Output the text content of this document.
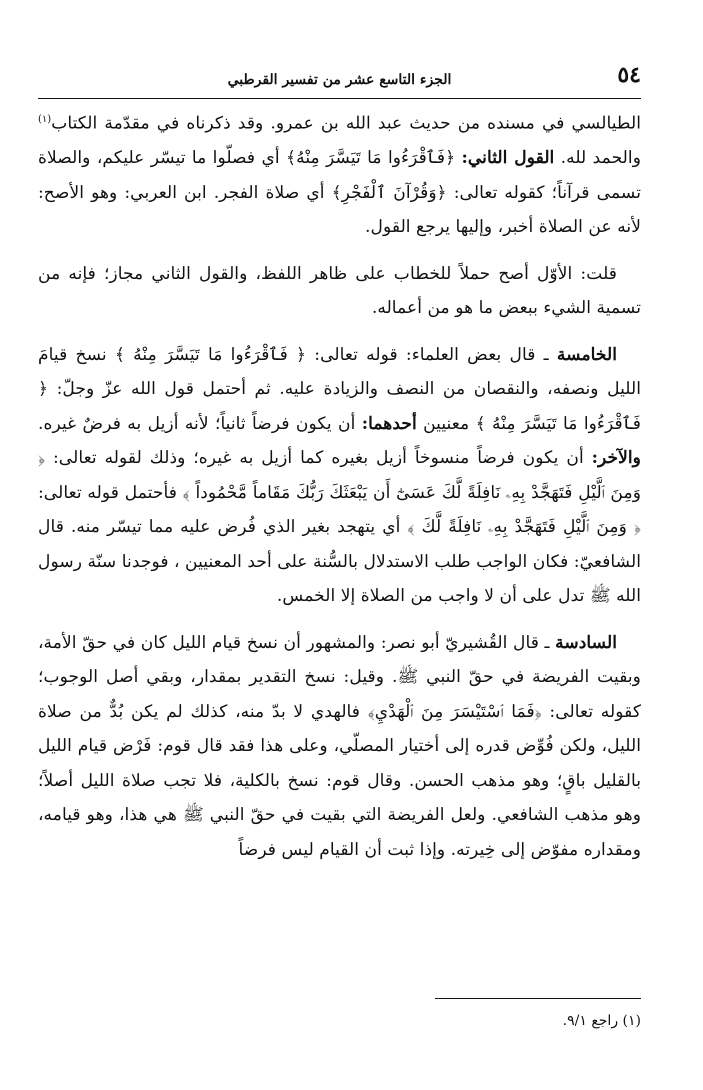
٥٤
الجزء التاسع عشر من تفسير القرطبي

الطيالسي في مسنده من حديث عبد الله بن عمرو. وقد ذكرناه في مقدّمة الكتاب$^{(١)}$ والحمد لله. القول الثاني: ﴿فَٱقْرَءُوا مَا تَيَسَّرَ مِنْهُ﴾ أي فصلّوا ما تيسّر عليكم، والصلاة تسمى قرآناً؛ كقوله تعالى: ﴿وَقُرْآنَ ٱلْفَجْرِ﴾ أي صلاة الفجر. ابن العربي: وهو الأصح: لأنه عن الصلاة أخبر، وإليها يرجع القول.

قلت: الأوّل أصح حملاً للخطاب على ظاهر اللفظ، والقول الثاني مجاز؛ فإنه من تسمية الشيء ببعض ما هو من أعماله.

الخامسة ـ قال بعض العلماء: قوله تعالى: ﴿ فَٱقْرَءُوا مَا تَيَسَّرَ مِنْهُ ﴾ نسخ قيامَ الليل ونصفه، والنقصان من النصف والزيادة عليه. ثم أحتمل قول الله عزّ وجلّ: ﴿ فَٱقْرَءُوا مَا تَيَسَّرَ مِنْهُ ﴾ معنيين أحدهما: أن يكون فرضاً ثانياً؛ لأنه أزيل به فرضٌ غيره. والآخر: أن يكون فرضاً منسوخاً أزيل بغيره كما أزيل به غيره؛ وذلك لقوله تعالى: ﴿ وَمِنَ ٱلَّيْلِ فَتَهَجَّدْ بِهِۦ نَافِلَةً لَّكَ عَسَىٰٓ أَن يَبْعَثَكَ رَبُّكَ مَقَاماً مَّحْمُوداً ﴾ فأحتمل قوله تعالى: ﴿ وَمِنَ ٱلَّيْلِ فَتَهَجَّدْ بِهِۦ نَافِلَةً لَّكَ ﴾ أي يتهجد بغير الذي فُرض عليه مما تيسّر منه. قال الشافعيّ: فكان الواجب طلب الاستدلال بالسُّنة على أحد المعنيين ، فوجدنا سنّة رسول الله ﷺ تدل على أن لا واجب من الصلاة إلا الخمس.

السادسة ـ قال القُشيريّ أبو نصر: والمشهور أن نسخ قيام الليل كان في حقّ الأمة، وبقيت الفريضة في حقّ النبي ﷺ. وقيل: نسخ التقدير بمقدار، وبقي أصل الوجوب؛ كقوله تعالى: ﴿فَمَا ٱسْتَيْسَرَ مِنَ ٱلْهَدْيِ﴾ فالهدي لا بدّ منه، كذلك لم يكن بُدٌّ من صلاة الليل، ولكن فُوِّض قدره إلى أختيار المصلّي، وعلى هذا فقد قال قوم: فَرْض قيام الليل بالقليل باقٍ؛ وهو مذهب الحسن. وقال قوم: نسخ بالكلية، فلا تجب صلاة الليل أصلاً؛ وهو مذهب الشافعي. ولعل الفريضة التي بقيت في حقّ النبي ﷺ هي هذا، وهو قيامه، ومقداره مفوّض إلى خِيرته. وإذا ثبت أن القيام ليس فرضاً

(١) راجع ٩/١.
